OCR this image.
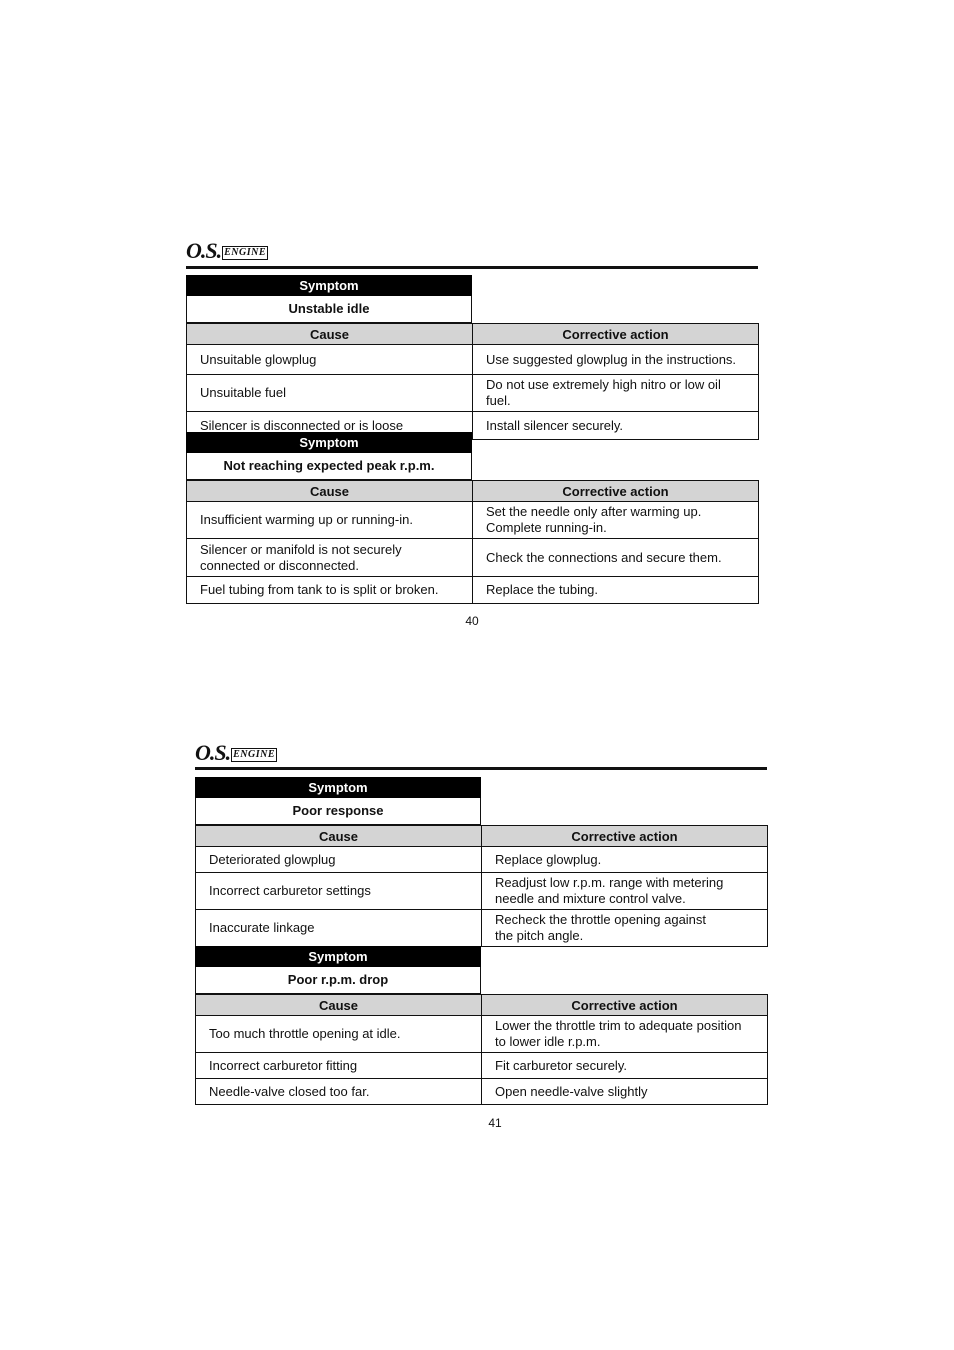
O.S. ENGINE
Symptom
Unstable idle
Cause	Corrective action
Unsuitable glowplug	Use suggested glowplug in the instructions.
Unsuitable fuel	Do not use extremely high nitro or low oil fuel.
Silencer is disconnected or is loose	Install silencer securely.
Symptom
Not reaching expected peak r.p.m.
Cause	Corrective action
Insufficient warming up or running-in.	Set the needle only after warming up.
Complete running-in.
Silencer or manifold is not securely connected or disconnected.	Check the connections and secure them.
Fuel tubing from tank to is split or broken.	Replace the tubing.
40
O.S. ENGINE
Symptom
Poor response
Cause	Corrective action
Deteriorated glowplug	Replace glowplug.
Incorrect carburetor settings	Readjust low r.p.m. range with metering
needle and mixture control valve.
Inaccurate linkage	Recheck the throttle opening against
the pitch angle.
Symptom
Poor r.p.m. drop
Cause	Corrective action
Too much throttle opening at idle.	Lower the throttle trim to adequate position
to lower idle r.p.m.
Incorrect carburetor fitting	Fit carburetor securely.
Needle-valve closed too far.	Open needle-valve slightly
41
